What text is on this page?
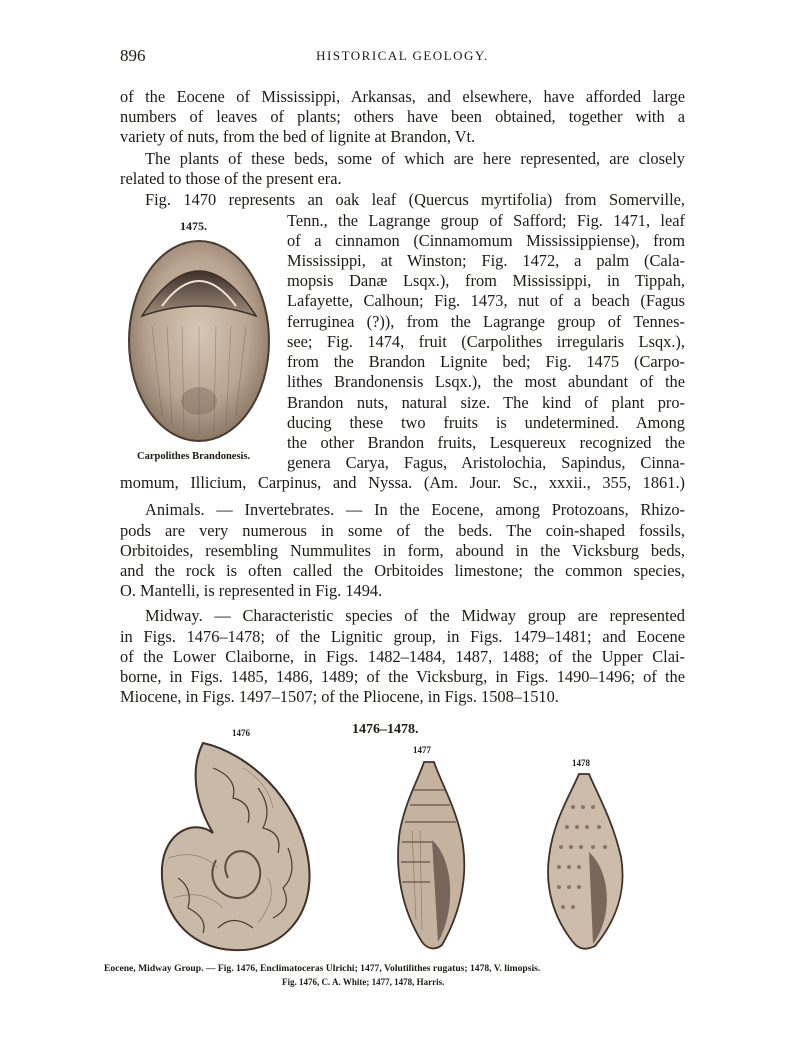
896	HISTORICAL GEOLOGY.
of the Eocene of Mississippi, Arkansas, and elsewhere, have afforded large
numbers of leaves of plants; others have been obtained, together with a
variety of nuts, from the bed of lignite at Brandon, Vt.
The plants of these beds, some of which are here represented, are closely
related to those of the present era.
Fig. 1470 represents an oak leaf (Quercus myrtifolia) from Somerville,
Tenn., the Lagrange group of Safford; Fig. 1471, leaf
of a cinnamon (Cinnamomum Mississippiense), from
Mississippi, at Winston; Fig. 1472, a palm (Cala-
mopsis Danæ Lsqx.), from Mississippi, in Tippah,
Lafayette, Calhoun; Fig. 1473, nut of a beach (Fagus
ferruginea (?)), from the Lagrange group of Tennes-
see; Fig. 1474, fruit (Carpolithes irregularis Lsqx.),
from the Brandon Lignite bed; Fig. 1475 (Carpo-
lithes Brandonensis Lsqx.), the most abundant of the
Brandon nuts, natural size. The kind of plant pro-
ducing these two fruits is undetermined. Among
the other Brandon fruits, Lesquereux recognized the
genera Carya, Fagus, Aristolochia, Sapindus, Cinna-
momum, Illicium, Carpinus, and Nyssa. (Am. Jour. Sc., xxxii., 355, 1861.)
Animals. — Invertebrates. — In the Eocene, among Protozoans, Rhizo-
pods are very numerous in some of the beds. The coin-shaped fossils,
Orbitoides, resembling Nummulites in form, abound in the Vicksburg beds,
and the rock is often called the Orbitoides limestone; the common species,
O. Mantelli, is represented in Fig. 1494.
Midway. — Characteristic species of the Midway group are represented
in Figs. 1476–1478; of the Lignitic group, in Figs. 1479–1481; and Eocene
of the Lower Claiborne, in Figs. 1482–1484, 1487, 1488; of the Upper Clai-
borne, in Figs. 1485, 1486, 1489; of the Vicksburg, in Figs. 1490–1496; of the
Miocene, in Figs. 1497–1507; of the Pliocene, in Figs. 1508–1510.
1475.
Carpolithes Brandonesis.
1476–1478.
1476
1477
1478
Eocene, Midway Group. — Fig. 1476, Enclimatoceras Ulrichi; 1477, Volutilithes rugatus; 1478, V. limopsis.
Fig. 1476, C. A. White; 1477, 1478, Harris.
